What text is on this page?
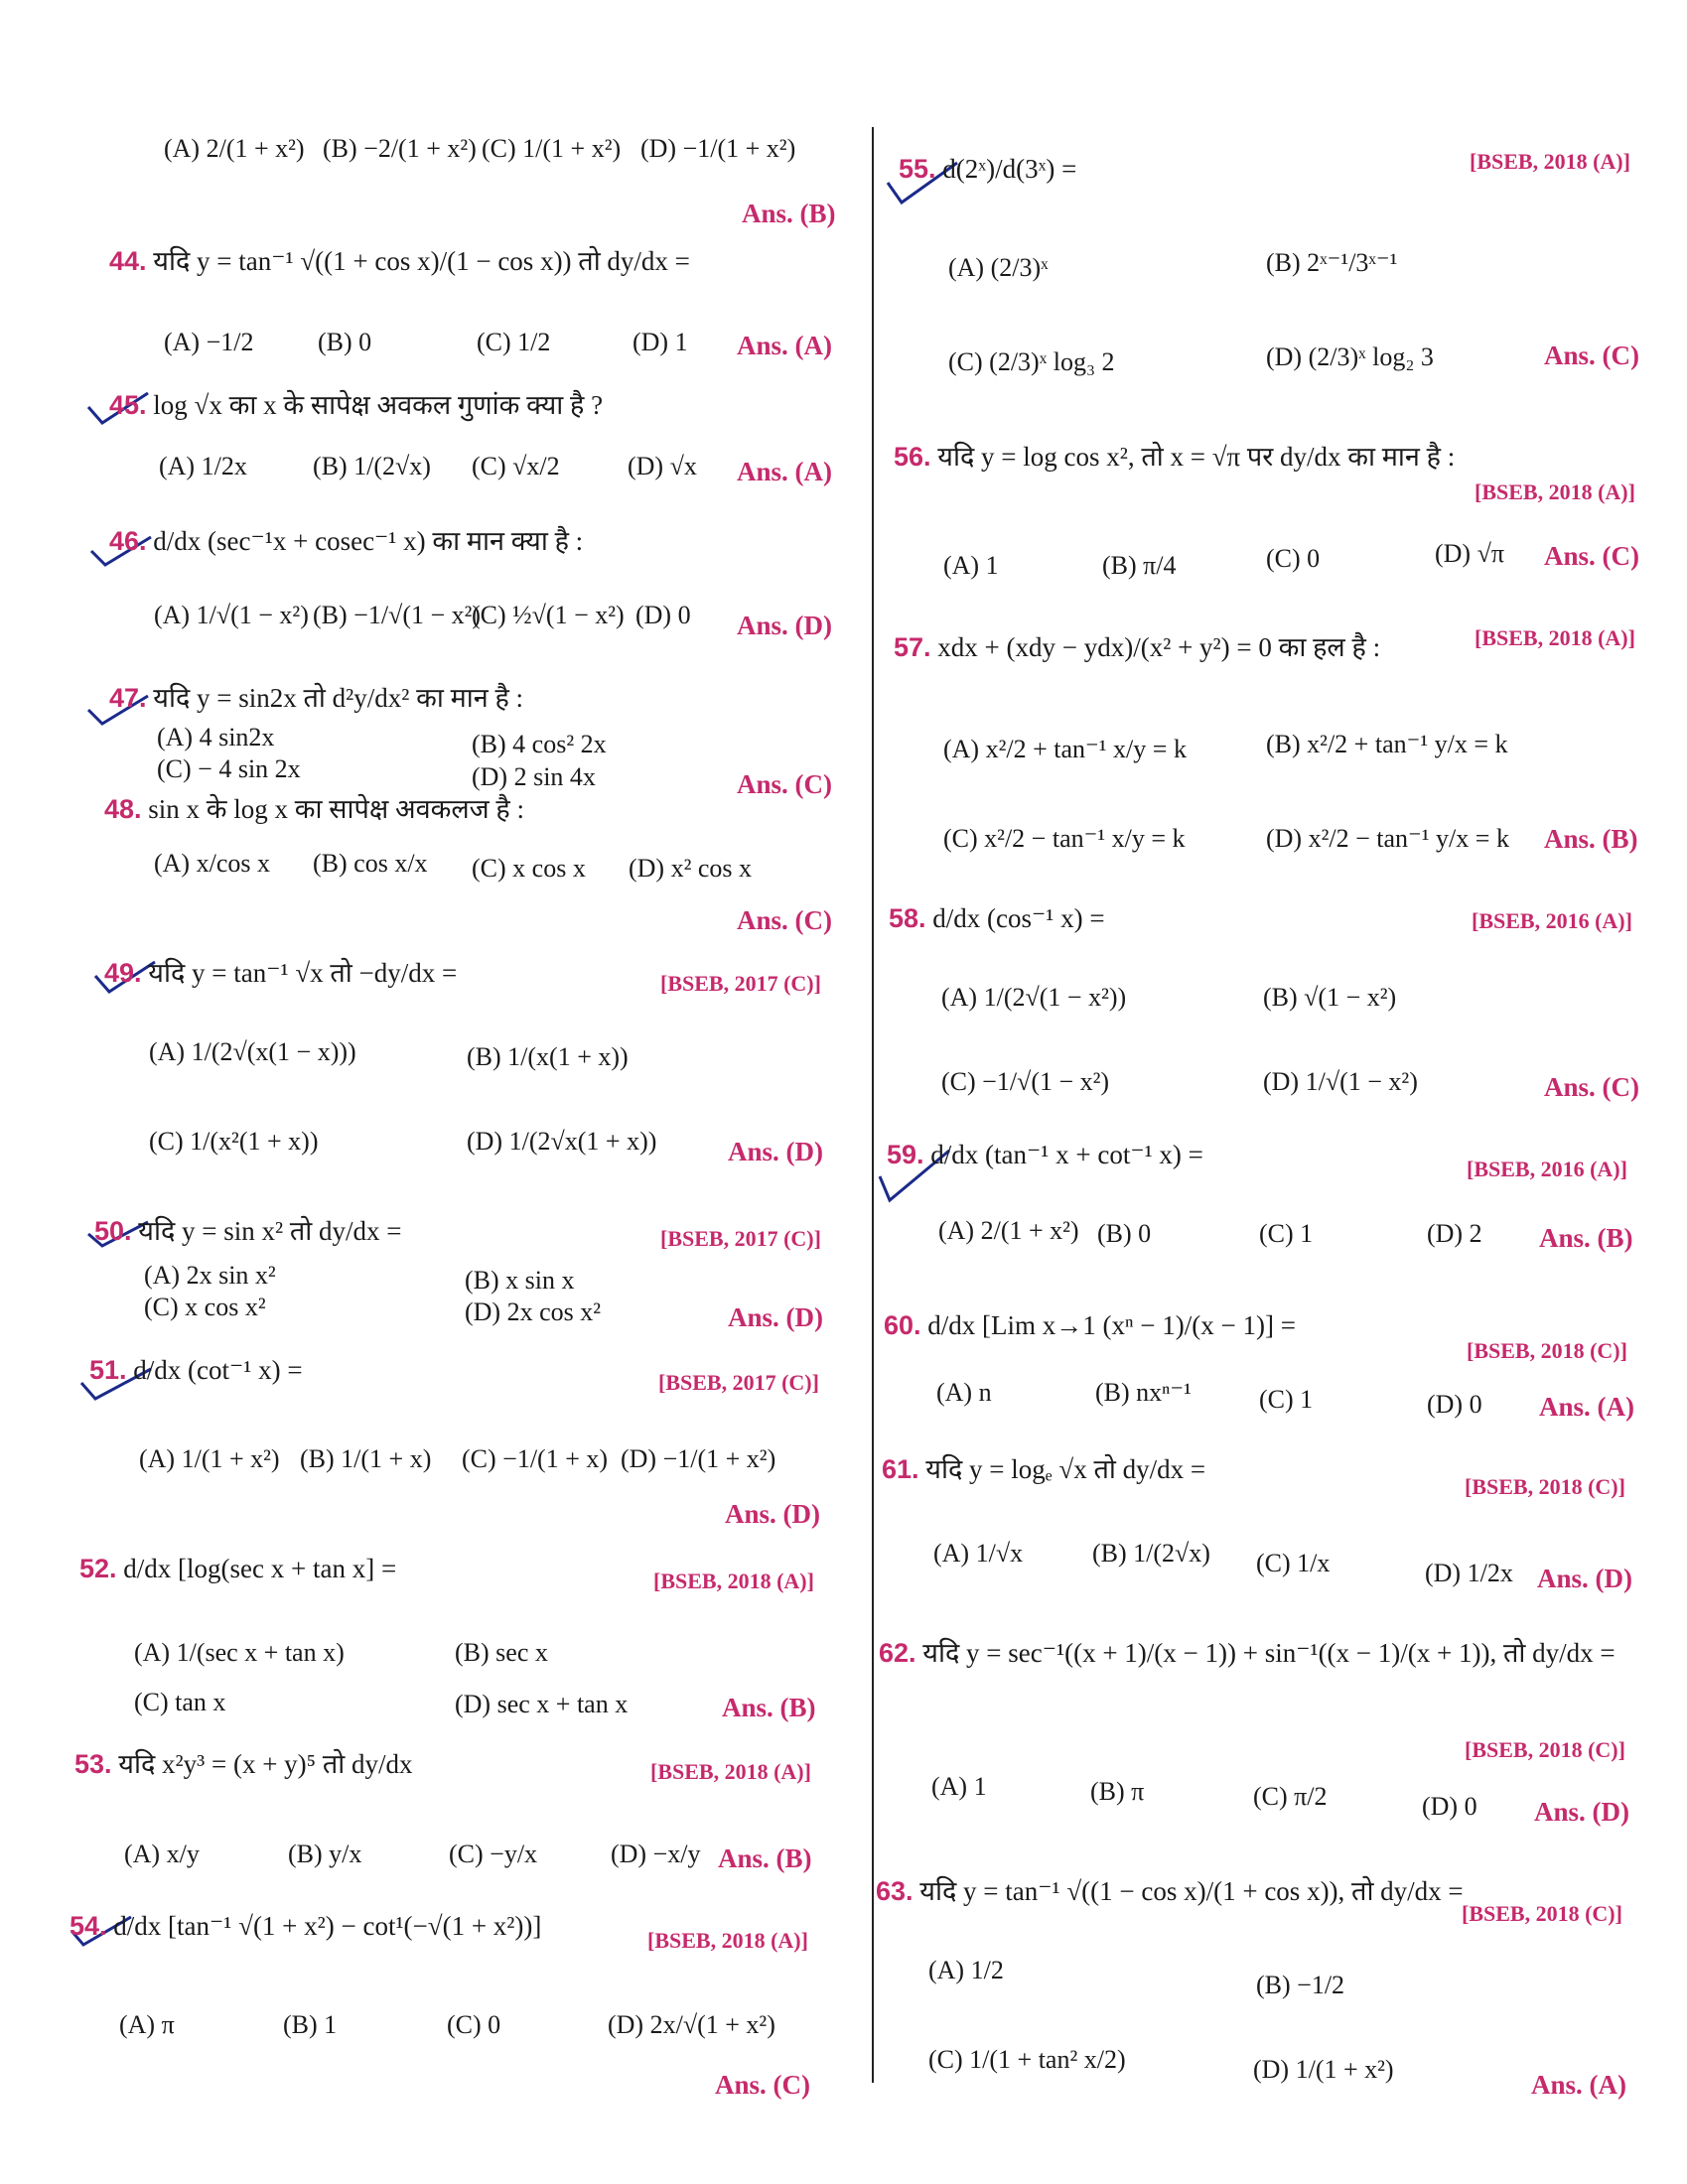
(A) 2/(1 + x²) (B) −2/(1 + x²) (C) 1/(1 + x²) (D) −1/(1 + x²)
Ans. (B)
44. यदि y = tan⁻¹ √((1 + cos x)/(1 − cos x)) तो dy/dx =
(A) −1/2 (B) 0	(C) 1/2	(D) 1 Ans. (A)
45. log √x का x के सापेक्ष अवकल गुणांक क्या है ?
(A) 1/2x	(B) 1/(2√x) (C) √x/2	(D) √x Ans. (A)
46. d/dx (sec⁻¹x + cosec⁻¹ x) का मान क्या है :
(A) 1/√(1 − x²) (B) −1/√(1 − x²)
(C) ½√(1 − x²) (D) 0 Ans. (D)
47. यदि y = sin2x तो d²y/dx² का मान है :
(A) 4 sin2x	(B) 4 cos² 2x
(C) − 4 sin 2x	(D) 2 sin 4x	Ans. (C)
48. sin x के log x का सापेक्ष अवकलज है :
(A) x/cos x (B) cos x/x (C) x cos x (D) x² cos x
Ans. (C)
49. यदि y = tan⁻¹ √x तो −dy/dx =	[BSEB, 2017 (C)]
(A) 1/(2√(x(1 − x)))	(B) 1/(x(1 + x))
(C) 1/(x²(1 + x))	(D) 1/(2√x(1 + x))	Ans. (D)
50. यदि y = sin x² तो dy/dx =	[BSEB, 2017 (C)]
(A) 2x sin x²	(B) x sin x
(C) x cos x²	(D) 2x cos x²	Ans. (D)
51. d/dx (cot⁻¹ x) =	[BSEB, 2017 (C)]
(A) 1/(1 + x²) (B) 1/(1 + x) (C) −1/(1 + x) (D) −1/(1 + x²)
Ans. (D)
52. d/dx [log(sec x + tan x] =	[BSEB, 2018 (A)]
(A) 1/(sec x + tan x)	(B) sec x
(C) tan x	(D) sec x + tan x	Ans. (B)
53. यदि x²y³ = (x + y)⁵ तो dy/dx	[BSEB, 2018 (A)]
(A) x/y	(B) y/x	(C) −y/x	(D) −x/y Ans. (B)
54. d/dx [tan⁻¹ √(1 + x²) − cot¹(−√(1 + x²))]	[BSEB, 2018 (A)]
(A) π	(B) 1	(C) 0	(D) 2x/√(1 + x²)
Ans. (C)
55. d(2ˣ)/d(3ˣ) =	[BSEB, 2018 (A)]
(A) (2/3)ˣ	(B) 2ˣ⁻¹/3ˣ⁻¹
(C) (2/3)ˣ log₃ 2	(D) (2/3)ˣ log₂ 3	Ans. (C)
56. यदि y = log cos x², तो x = √π पर dy/dx का मान है :
[BSEB, 2018 (A)]
(A) 1	(B) π/4	(C) 0	(D) √π Ans. (C)
57. xdx + (xdy − ydx)/(x² + y²) = 0 का हल है :	[BSEB, 2018 (A)]
(A) x²/2 + tan⁻¹ x/y = k	(B) x²/2 + tan⁻¹ y/x = k
(C) x²/2 − tan⁻¹ x/y = k	(D) x²/2 − tan⁻¹ y/x = k Ans. (B)
58. d/dx (cos⁻¹ x) =	[BSEB, 2016 (A)]
(A) 1/(2√(1 − x²))	(B) √(1 − x²)
(C) −1/√(1 − x²)	(D) 1/√(1 − x²)	Ans. (C)
59. d/dx (tan⁻¹ x + cot⁻¹ x) =	[BSEB, 2016 (A)]
(A) 2/(1 + x²) (B) 0	(C) 1	(D) 2 Ans. (B)
60. d/dx [Lim x→1 (xⁿ − 1)/(x − 1)] =
[BSEB, 2018 (C)]
(A) n	(B) nxⁿ⁻¹	(C) 1	(D) 0 Ans. (A)
61. यदि y = logₑ √x तो dy/dx =
[BSEB, 2018 (C)]
(A) 1/√x	(B) 1/(2√x) (C) 1/x	(D) 1/2x Ans. (D)
62. यदि y = sec⁻¹((x + 1)/(x − 1)) + sin⁻¹((x − 1)/(x + 1)), तो dy/dx =
[BSEB, 2018 (C)]
(A) 1	(B) π	(C) π/2	(D) 0 Ans. (D)
63. यदि y = tan⁻¹ √((1 − cos x)/(1 + cos x)), तो dy/dx =
[BSEB, 2018 (C)]
(A) 1/2
(B) −1/2
(C) 1/(1 + tan² x/2)	(D) 1/(1 + x²)
Ans. (A)
